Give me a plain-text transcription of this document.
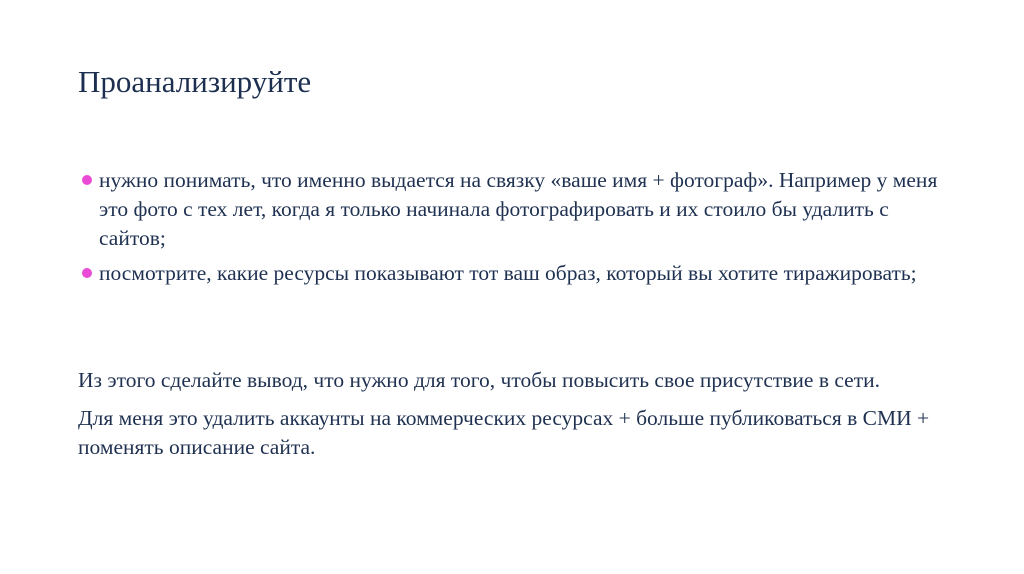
Проанализируйте
нужно понимать, что именно выдается на связку «ваше имя + фотограф». Например у меня это фото с тех лет, когда я только начинала фотографировать и их стоило бы удалить с сайтов;
посмотрите, какие ресурсы показывают тот ваш образ, который вы хотите тиражировать;

Из этого сделайте вывод, что нужно для того, чтобы повысить свое присутствие в сети.

Для меня это удалить аккаунты на коммерческих ресурсах + больше публиковаться в СМИ + поменять описание сайта.
